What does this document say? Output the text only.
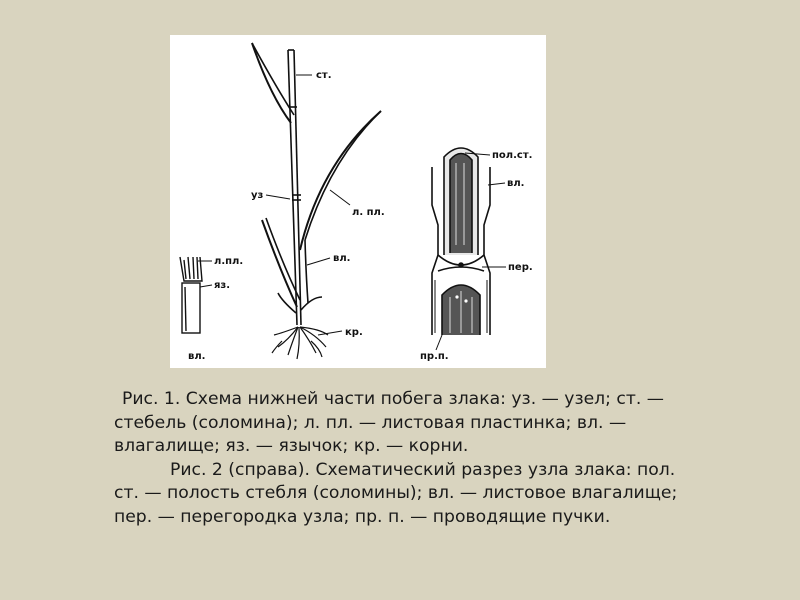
ст.
уз
л. пл.
вл.
кр.
л.пл.
яз.
вл.
пол.ст.
вл.
пер.
пр.п.

Рис. 1. Схема нижней части побега злака: уз. — узел; ст. — стебель (соломина); л. пл. — листовая пластинка; вл. — влагалище; яз. — язычок; кр. — корни.

Рис. 2 (справа). Схематический разрез узла злака: пол. ст. — полость стебля (соломины); вл. — листовое влагалище; пер. — перегородка узла; пр. п. — проводящие пучки.
